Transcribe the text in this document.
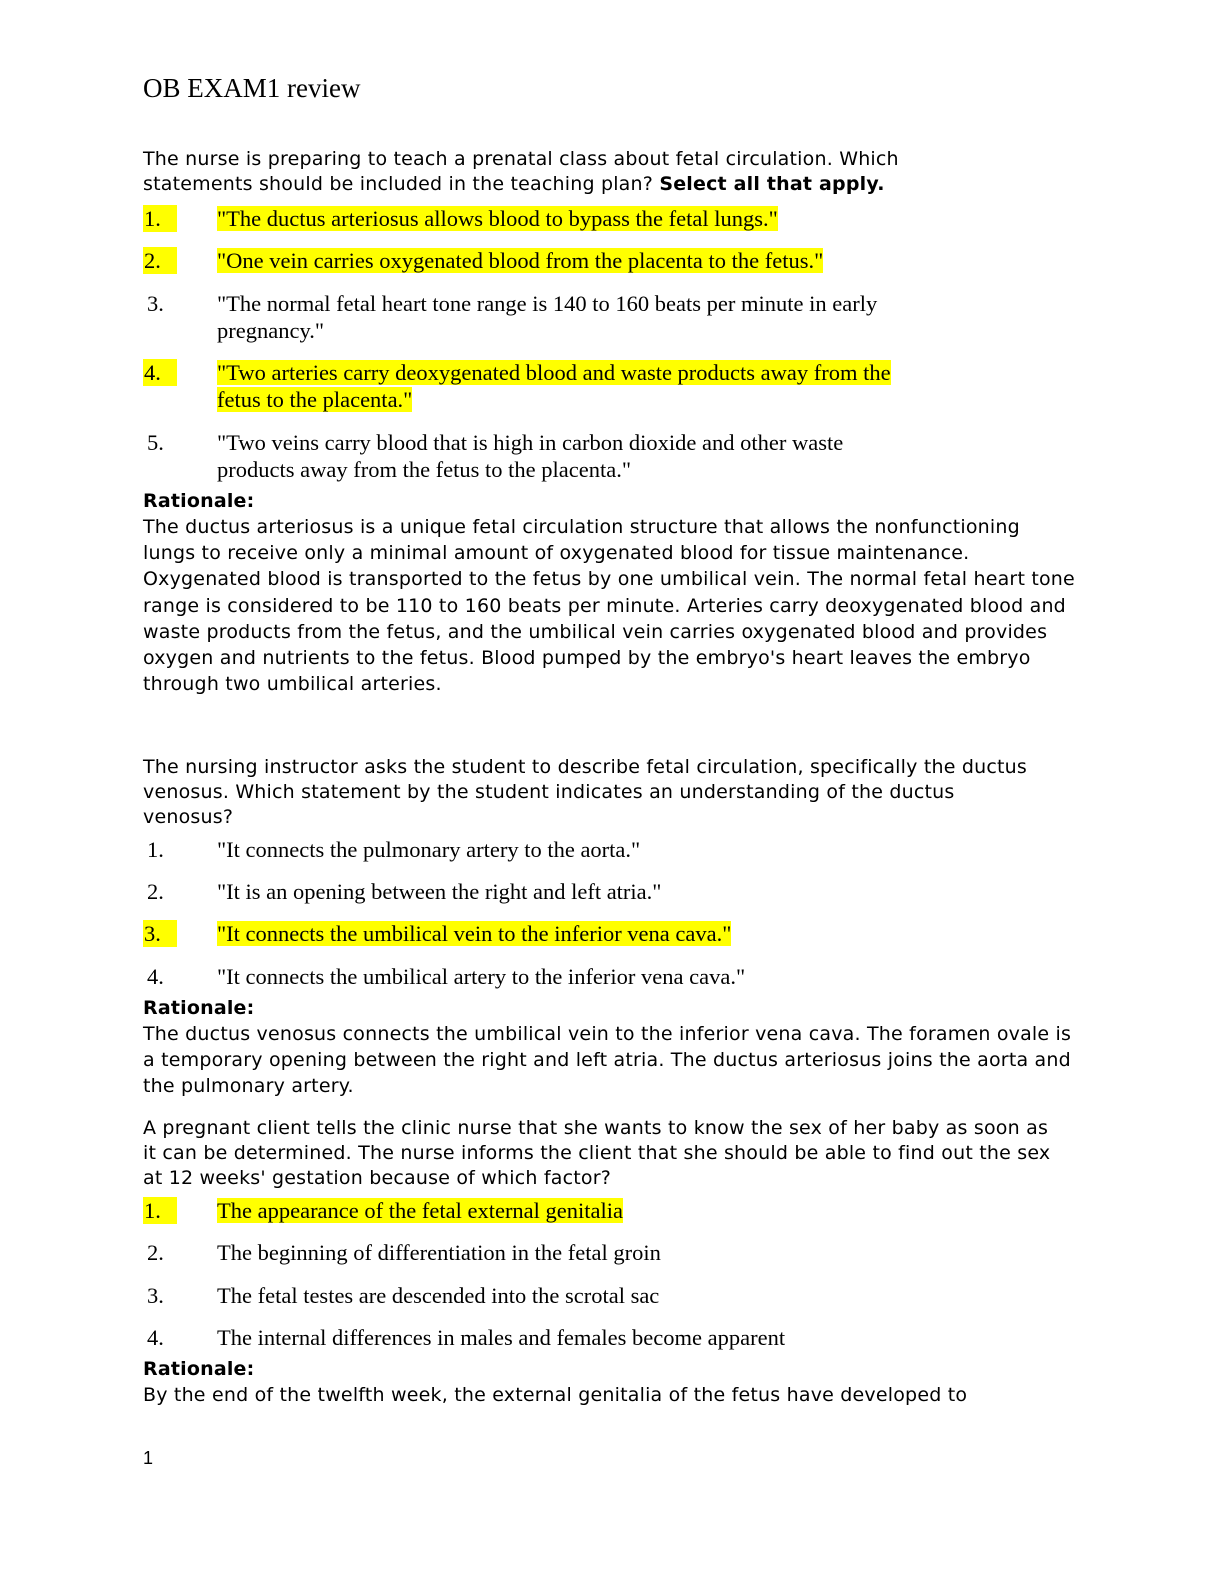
OB EXAM1 review

The nurse is preparing to teach a prenatal class about fetal circulation. Which statements should be included in the teaching plan? Select all that apply.

1.	"The ductus arteriosus allows blood to bypass the fetal lungs."
2.	"One vein carries oxygenated blood from the placenta to the fetus."
3.	"The normal fetal heart tone range is 140 to 160 beats per minute in early pregnancy."
4.	"Two arteries carry deoxygenated blood and waste products away from the fetus to the placenta."
5.	"Two veins carry blood that is high in carbon dioxide and other waste products away from the fetus to the placenta."
Rationale:

The ductus arteriosus is a unique fetal circulation structure that allows the nonfunctioning lungs to receive only a minimal amount of oxygenated blood for tissue maintenance. Oxygenated blood is transported to the fetus by one umbilical vein. The normal fetal heart tone range is considered to be 110 to 160 beats per minute. Arteries carry deoxygenated blood and waste products from the fetus, and the umbilical vein carries oxygenated blood and provides oxygen and nutrients to the fetus. Blood pumped by the embryo's heart leaves the embryo through two umbilical arteries.

The nursing instructor asks the student to describe fetal circulation, specifically the ductus venosus. Which statement by the student indicates an understanding of the ductus venosus?

1.	"It connects the pulmonary artery to the aorta."
2.	"It is an opening between the right and left atria."
3.	"It connects the umbilical vein to the inferior vena cava."
4.	"It connects the umbilical artery to the inferior vena cava."
Rationale:

The ductus venosus connects the umbilical vein to the inferior vena cava. The foramen ovale is a temporary opening between the right and left atria. The ductus arteriosus joins the aorta and the pulmonary artery.

A pregnant client tells the clinic nurse that she wants to know the sex of her baby as soon as it can be determined. The nurse informs the client that she should be able to find out the sex at 12 weeks' gestation because of which factor?

1.	The appearance of the fetal external genitalia
2.	The beginning of differentiation in the fetal groin
3.	The fetal testes are descended into the scrotal sac
4.	The internal differences in males and females become apparent
Rationale:

By the end of the twelfth week, the external genitalia of the fetus have developed to

1
